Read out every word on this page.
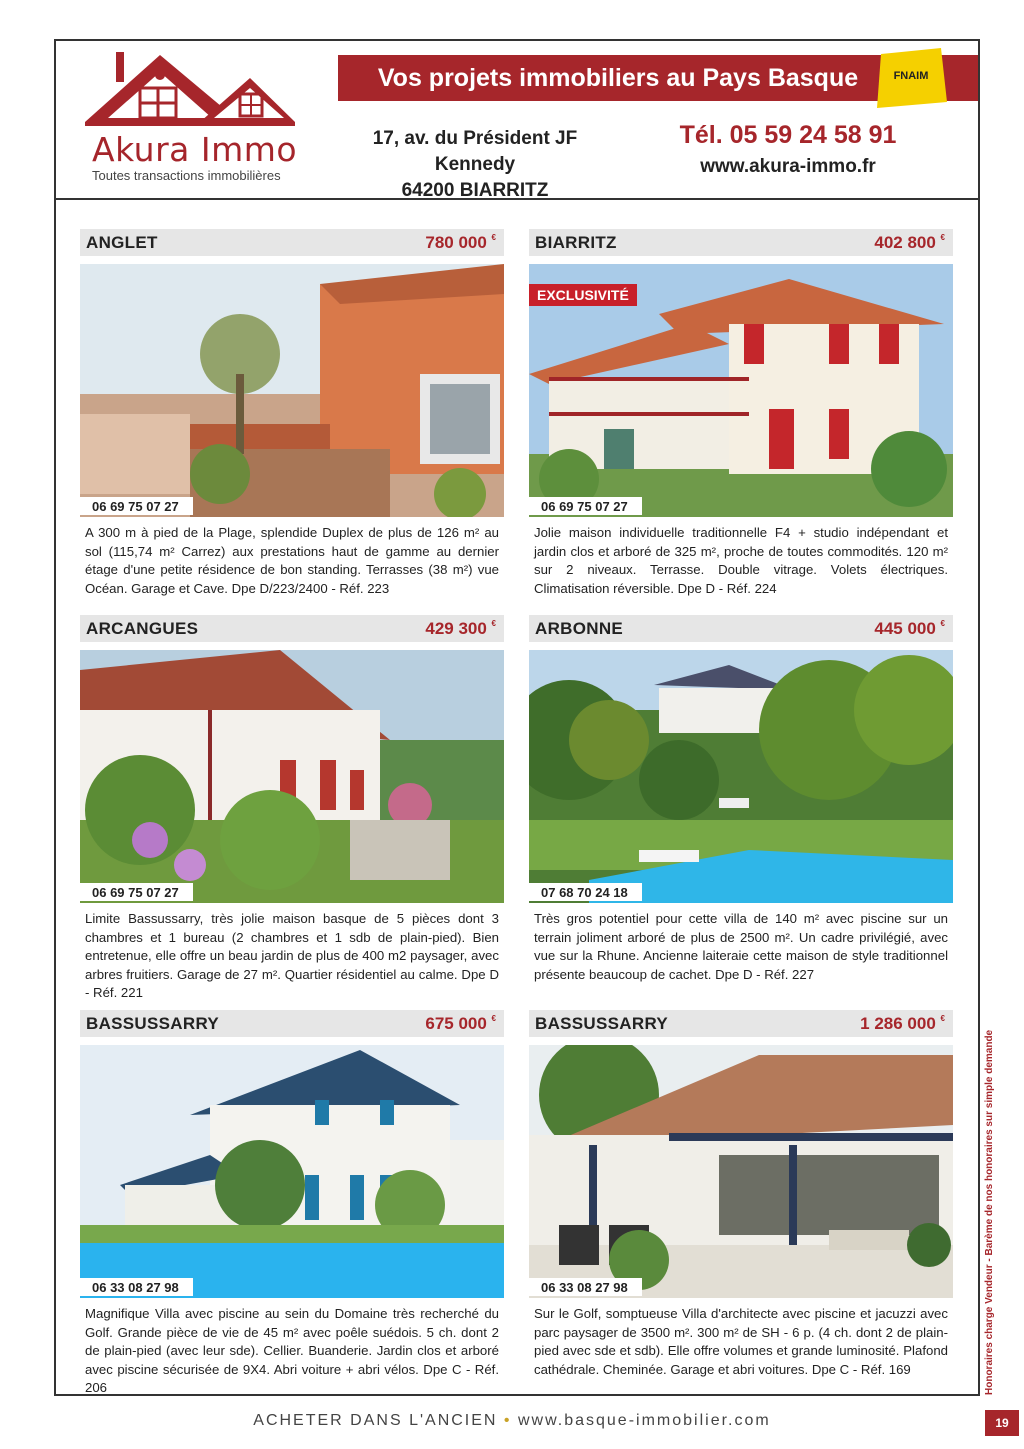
Akura Immo
Toutes transactions immobilières
Vos projets immobiliers au Pays Basque	FNAIM
17, av. du Président JF Kennedy
64200 BIARRITZ
Tél. 05 59 24 58 91
www.akura-immo.fr
ANGLET	780 000 €
06 69 75 07 27
A 300 m à pied de la Plage, splendide Duplex de plus de 126 m² au sol (115,74 m² Carrez) aux prestations haut de gamme au dernier étage d'une petite résidence de bon standing. Terrasses (38 m²) vue Océan. Garage et Cave. Dpe D/223/2400 - Réf. 223
BIARRITZ	402 800 €
EXCLUSIVITÉ
06 69 75 07 27
Jolie maison individuelle traditionnelle F4 + studio indépendant et jardin clos et arboré de 325 m², proche de toutes commodités. 120 m² sur 2 niveaux. Terrasse. Double vitrage. Volets électriques. Climatisation réversible. Dpe D - Réf. 224
ARCANGUES	429 300 €
06 69 75 07 27
Limite Bassussarry, très jolie maison basque de 5 pièces dont 3 chambres et 1 bureau (2 chambres et 1 sdb de plain-pied). Bien entretenue, elle offre un beau jardin de plus de 400 m2 paysager, avec arbres fruitiers. Garage de 27 m². Quartier résidentiel au calme. Dpe D - Réf. 221
ARBONNE	445 000 €
07 68 70 24 18
Très gros potentiel pour cette villa de 140 m² avec piscine sur un terrain joliment arboré de plus de 2500 m². Un cadre privilégié, avec vue sur la Rhune. Ancienne laiteraie cette maison de style traditionnel présente beaucoup de cachet. Dpe D - Réf. 227
BASSUSSARRY	675 000 €
06 33 08 27 98
Magnifique Villa avec piscine au sein du Domaine très recherché du Golf. Grande pièce de vie de 45 m² avec poêle suédois. 5 ch. dont 2 de plain-pied (avec leur sde). Cellier. Buanderie. Jardin clos et arboré avec piscine sécurisée de 9X4. Abri voiture + abri vélos. Dpe C - Réf. 206
BASSUSSARRY	1 286 000 €
06 33 08 27 98
Sur le Golf, somptueuse Villa d'architecte avec piscine et jacuzzi avec parc paysager de 3500 m². 300 m² de SH - 6 p. (4 ch. dont 2 de plain-pied avec sde et sdb). Elle offre volumes et grande luminosité. Plafond cathédrale. Cheminée. Garage et abri voitures. Dpe C - Réf. 169	Honoraires charge Vendeur - Barème de nos honoraires sur simple demande
ACHETER DANS L'ANCIEN • www.basque-immobilier.com	19
